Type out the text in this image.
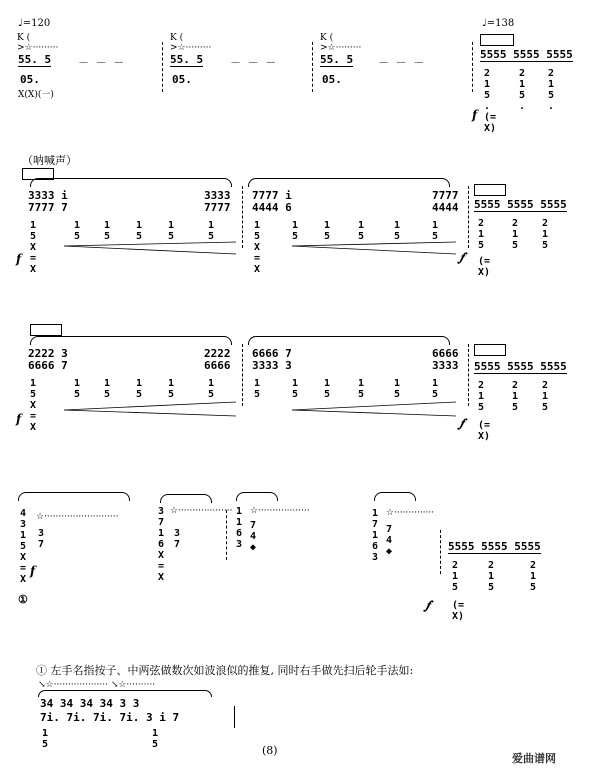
♩=120	♩=138
K (
>☆·········
55. 5
05.
X(X)(一)
－ － －
K (
>☆·········
55. 5
05.
－ － －
K (
>☆·········
55. 5
05.
－ － －
5555 5555 5555
2
1
5
.
2
1
5
.
2
1
5
.
f (=
X)
（呐喊声）
3333 i
7777 7
3333
7777
7777 i
4444 6
7777
4444
1
5
X
=
X
1
5
1
5
1
5
1
5
1
5
1
5
X
=
X
1
5
1
5
1
5
1
5
1
5
f
5555 5555 5555
2
1
5
2
1
5
2
1
5
𝆑 (=
X)
2222 3
6666 7
2222
6666
6666 7
3333 3
6666
3333
1
5
X
=
X
1
5
1
5
1
5
1
5
1
5
1
5
1
5
1
5
1
5
1
5
1
5
f
5555 5555 5555
2
1
5
2
1
5
2
1
5
𝆑 (=
X)
4
3
1
5
X
=
X
☆··························
3
7
①
f
3
7
1
6
X
=
X
☆···················
3
7
1
1
6
3
7
4
◆
☆··················	1
7
1
6
3
7
4
◆
☆··············
5555 5555 5555
2
1
5
2
1
5
2
1
5
𝆑 (=
X)
① 左手名指按子、中两弦做数次如波浪似的推复, 同时右手做先扫后轮手法如:
↘☆··················· ↘☆··········
34 34 34 34 3 3
7i. 7i. 7i. 7i. 3 i 7
1
5
1
5	(8)
爱曲谱网
